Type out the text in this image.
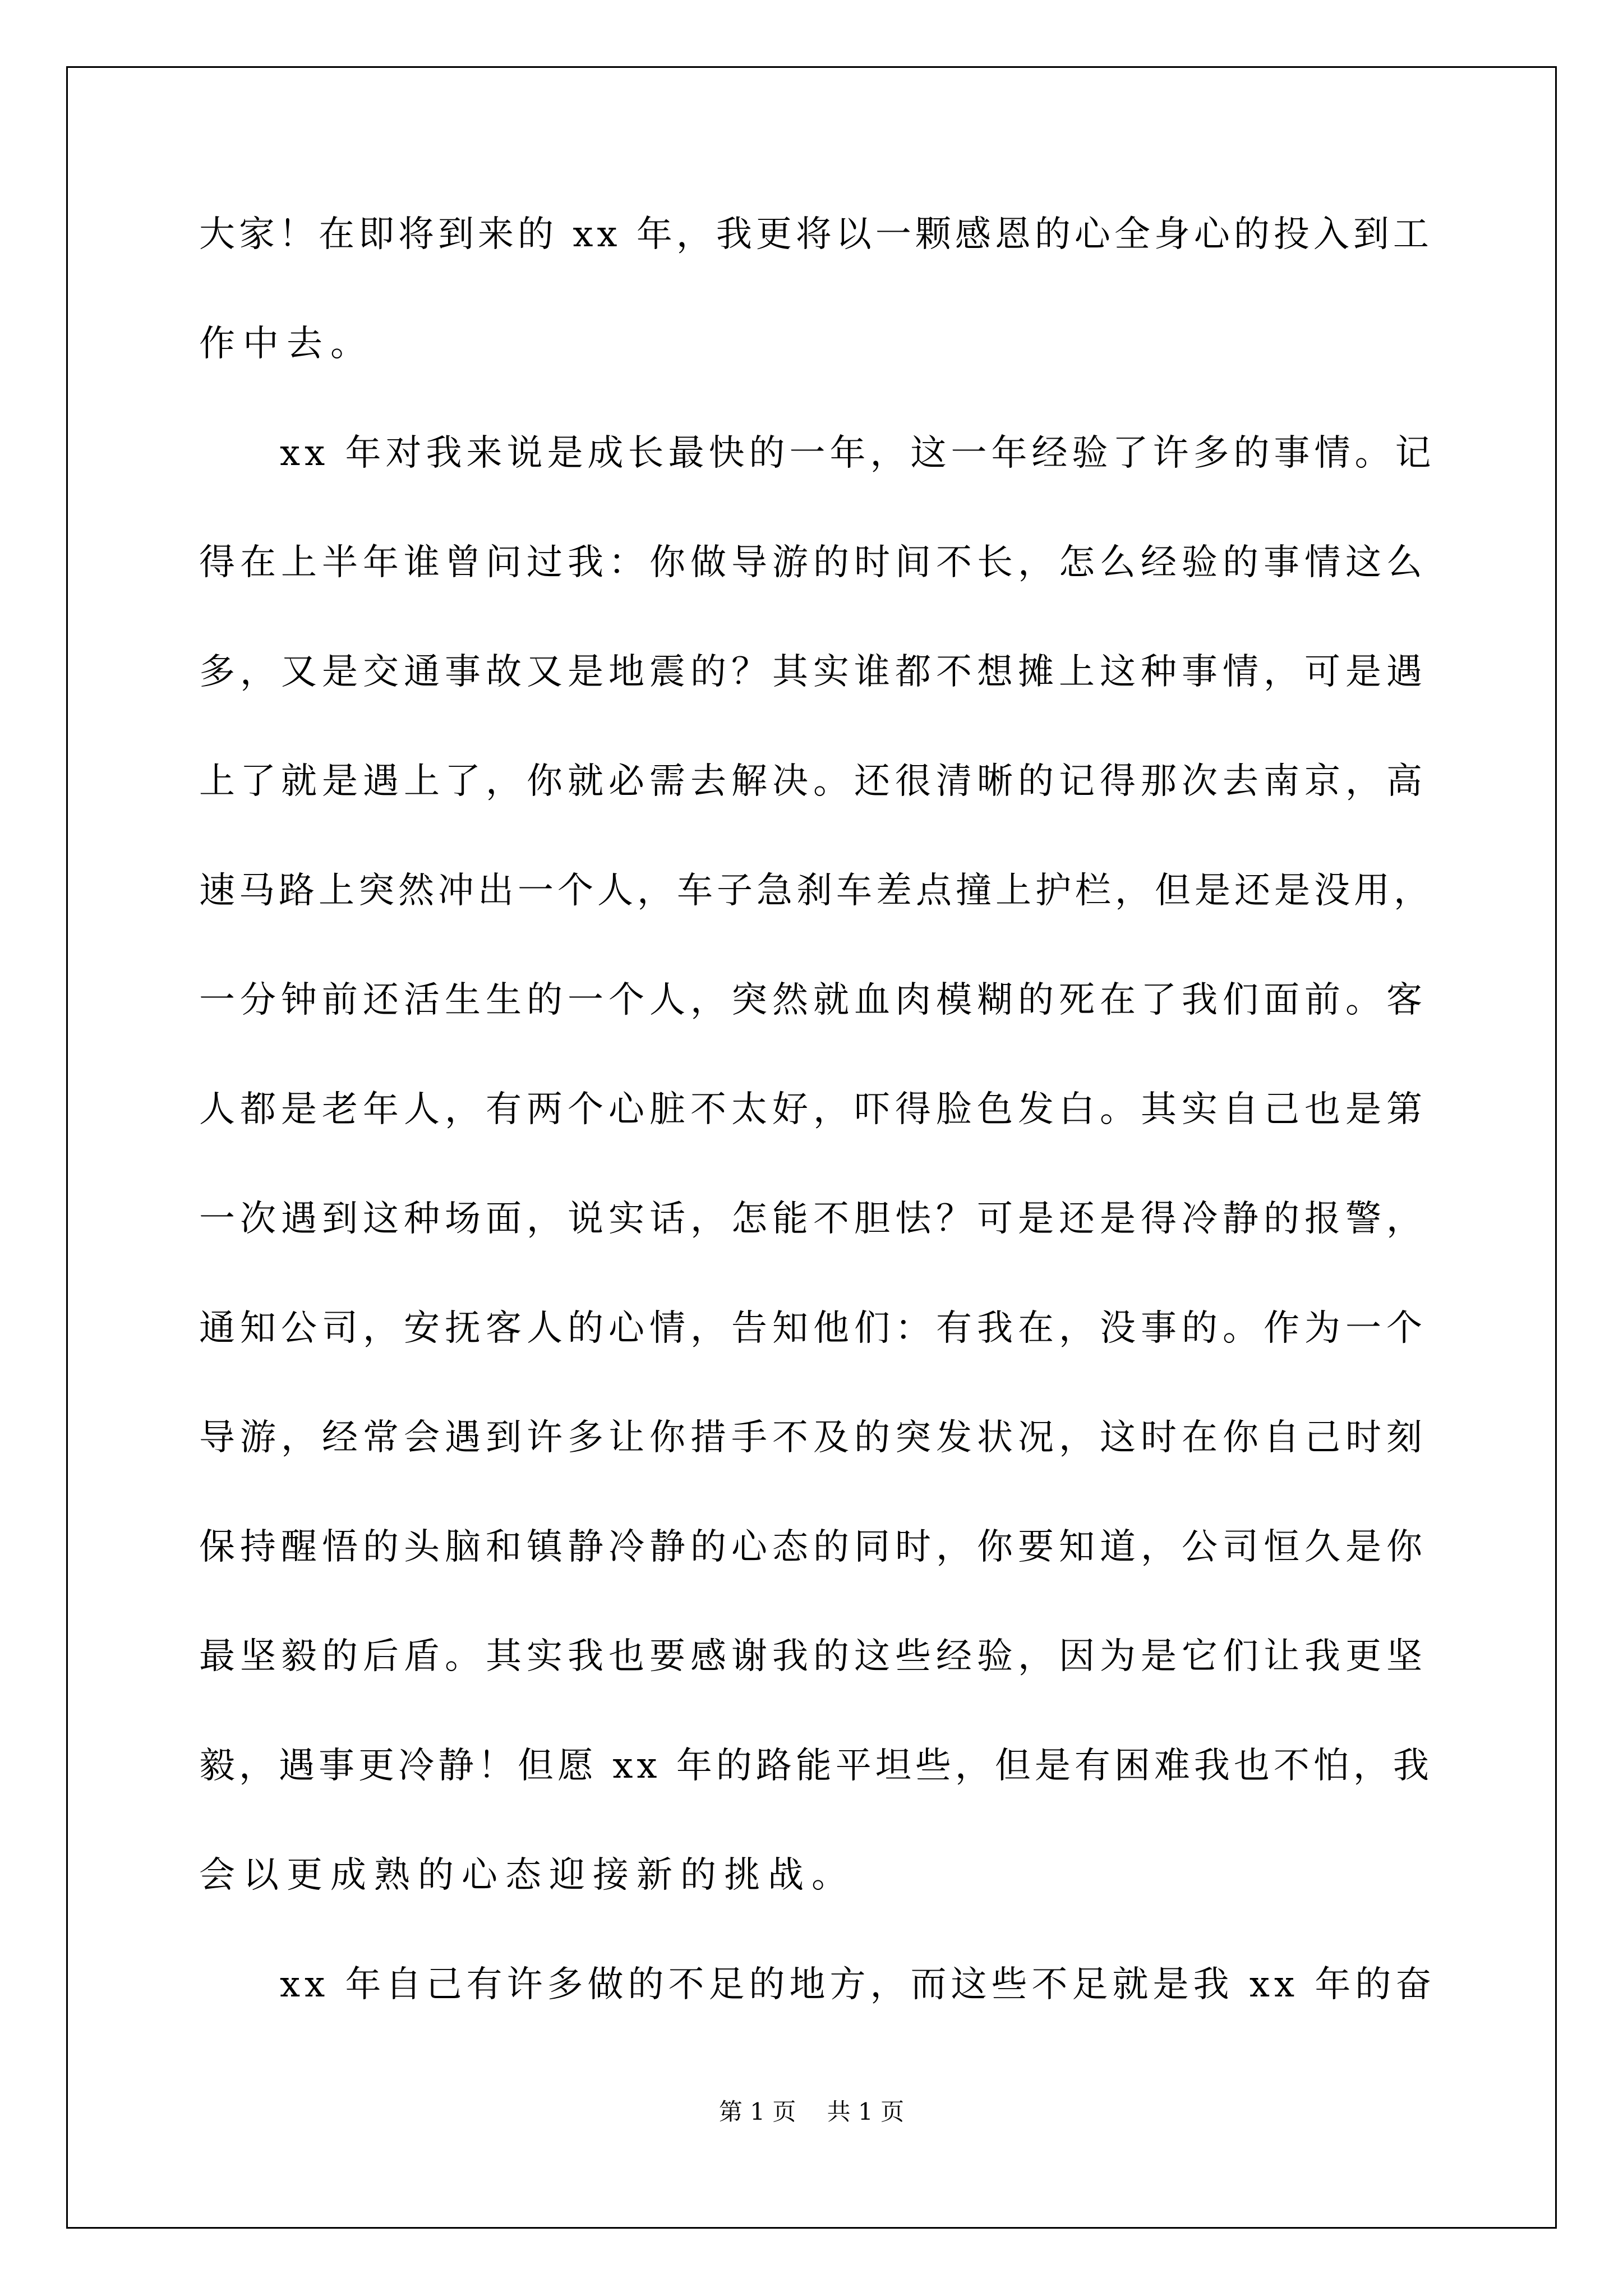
大家！在即将到来的 xx 年，我更将以一颗感恩的心全身心的投入到工
作中去。
　　xx 年对我来说是成长最快的一年，这一年经验了许多的事情。记
得在上半年谁曾问过我：你做导游的时间不长，怎么经验的事情这么
多，又是交通事故又是地震的？其实谁都不想摊上这种事情，可是遇
上了就是遇上了，你就必需去解决。还很清晰的记得那次去南京，高
速马路上突然冲出一个人，车子急刹车差点撞上护栏，但是还是没用，
一分钟前还活生生的一个人，突然就血肉模糊的死在了我们面前。客
人都是老年人，有两个心脏不太好，吓得脸色发白。其实自己也是第
一次遇到这种场面，说实话，怎能不胆怯？可是还是得冷静的报警，
通知公司，安抚客人的心情，告知他们：有我在，没事的。作为一个
导游，经常会遇到许多让你措手不及的突发状况，这时在你自己时刻
保持醒悟的头脑和镇静冷静的心态的同时，你要知道，公司恒久是你
最坚毅的后盾。其实我也要感谢我的这些经验，因为是它们让我更坚
毅，遇事更冷静！但愿 xx 年的路能平坦些，但是有困难我也不怕，我
会以更成熟的心态迎接新的挑战。
　　xx 年自己有许多做的不足的地方，而这些不足就是我 xx 年的奋
第 1 页　 共 1 页
